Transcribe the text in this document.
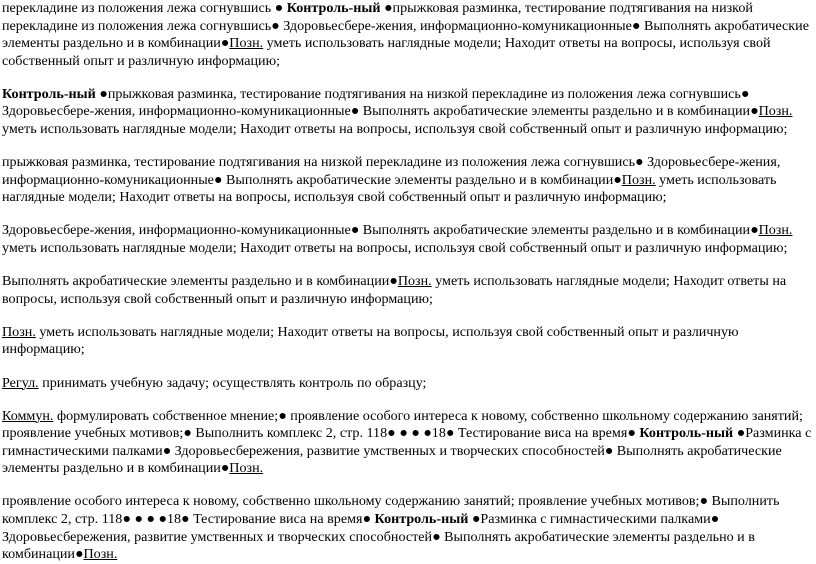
перекладине из положения лежа согнувшись ● Контроль-ный ●прыжковая разминка, тестирование подтягивания на низкой перекладине из положения лежа согнувшись● Здоровьесбере-жения, информационно-комуникационные● Выполнять акробатические элементы раздельно и в комбинации●Позн. уметь использовать наглядные модели; Находит ответы на вопросы, используя свой собственный опыт и различную информацию;

Контроль-ный ●прыжковая разминка, тестирование подтягивания на низкой перекладине из положения лежа согнувшись● Здоровьесбере-жения, информационно-комуникационные● Выполнять акробатические элементы раздельно и в комбинации●Позн. уметь использовать наглядные модели; Находит ответы на вопросы, используя свой собственный опыт и различную информацию;

прыжковая разминка, тестирование подтягивания на низкой перекладине из положения лежа согнувшись● Здоровьесбере-жения, информационно-комуникационные● Выполнять акробатические элементы раздельно и в комбинации●Позн. уметь использовать наглядные модели; Находит ответы на вопросы, используя свой собственный опыт и различную информацию;

Здоровьесбере-жения, информационно-комуникационные● Выполнять акробатические элементы раздельно и в комбинации●Позн. уметь использовать наглядные модели; Находит ответы на вопросы, используя свой собственный опыт и различную информацию;

Выполнять акробатические элементы раздельно и в комбинации●Позн. уметь использовать наглядные модели; Находит ответы на вопросы, используя свой собственный опыт и различную информацию;

Позн. уметь использовать наглядные модели; Находит ответы на вопросы, используя свой собственный опыт и различную информацию;

Регул. принимать учебную задачу; осуществлять контроль по образцу;

Коммун. формулировать собственное мнение;● проявление особого интереса к новому, собственно школьному содержанию занятий; проявление учебных мотивов;● Выполнить комплекс 2, стр. 118● ● ● ●18● Тестирование виса на время● Контроль-ный ●Разминка с гимнастическими палками● Здоровьесбережения, развитие умственных и творческих способностей● Выполнять акробатические элементы раздельно и в комбинации●Позн.

проявление особого интереса к новому, собственно школьному содержанию занятий; проявление учебных мотивов;● Выполнить комплекс 2, стр. 118● ● ● ●18● Тестирование виса на время● Контроль-ный ●Разминка с гимнастическими палками● Здоровьесбережения, развитие умственных и творческих способностей● Выполнять акробатические элементы раздельно и в комбинации●Позн.
